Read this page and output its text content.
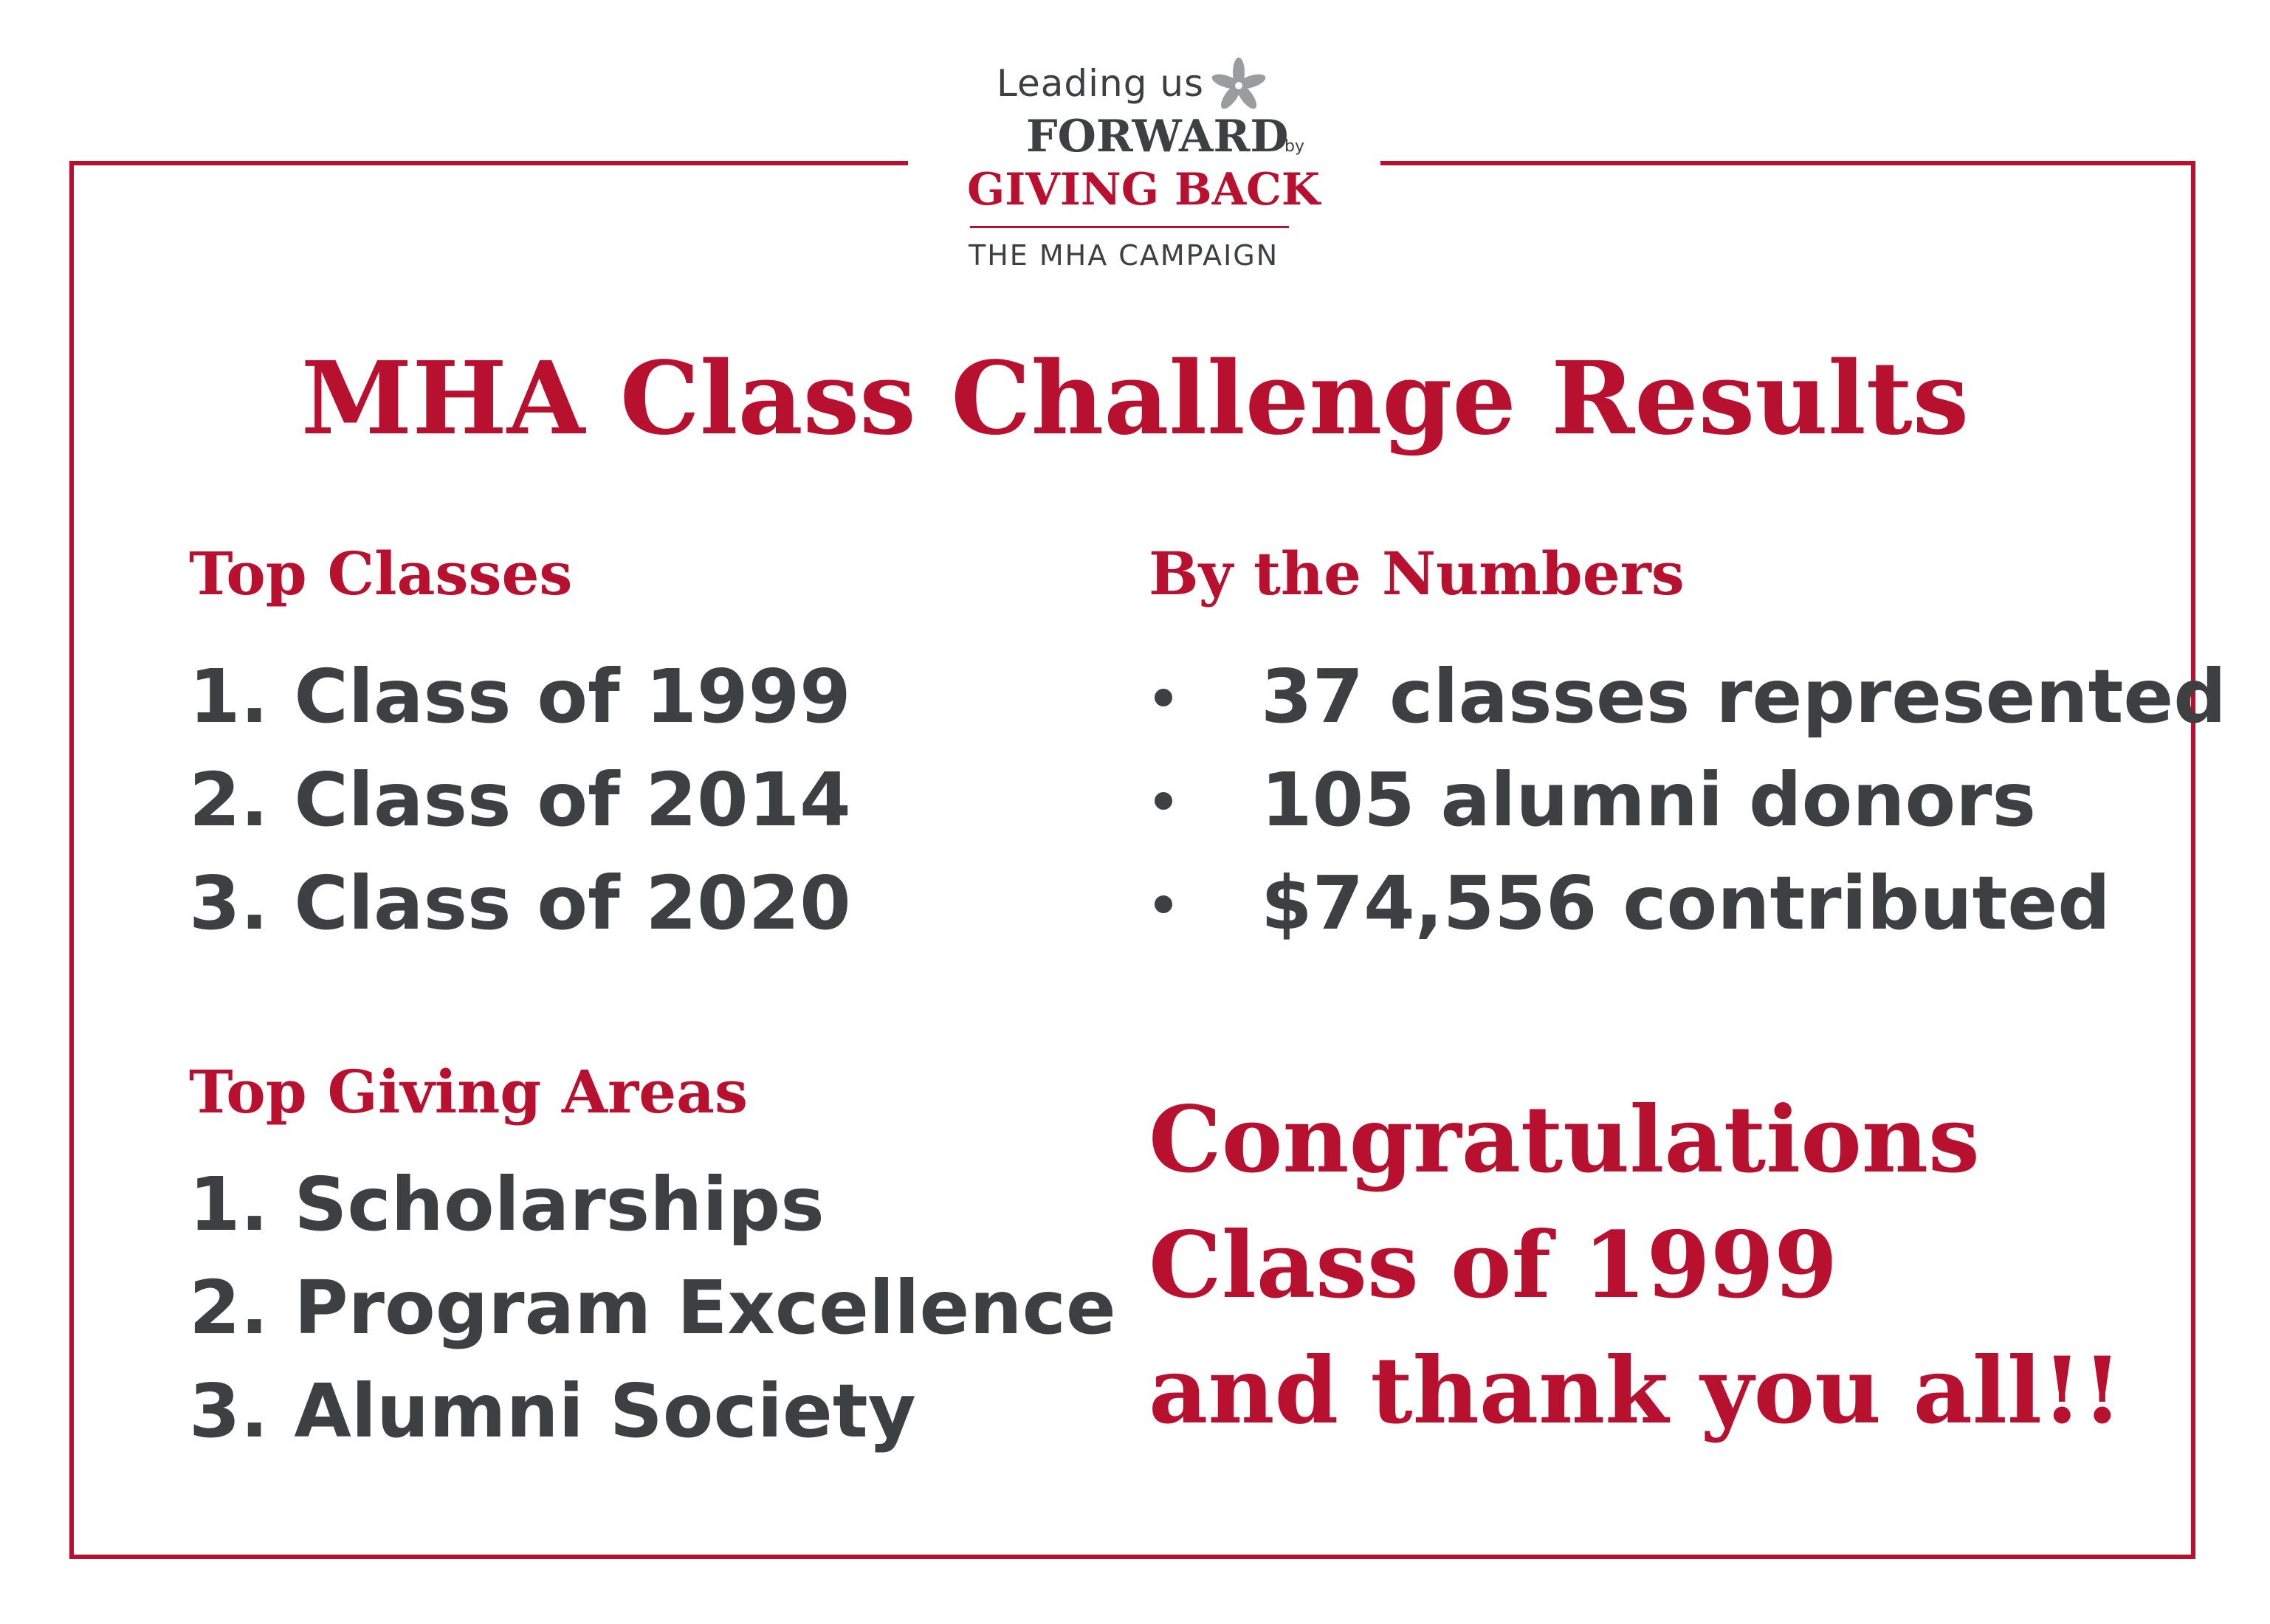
Leading us
FORWARD
by
GIVING BACK
THE MHA CAMPAIGN
MHA Class Challenge Results
Top Classes
1. Class of 1999
2. Class of 2014
3. Class of 2020
By the Numbers
37 classes represented
105 alumni donors
$74,556 contributed
Top Giving Areas
1. Scholarships
2. Program Excellence
3. Alumni Society
Congratulations
Class of 1999
and thank you all!!
